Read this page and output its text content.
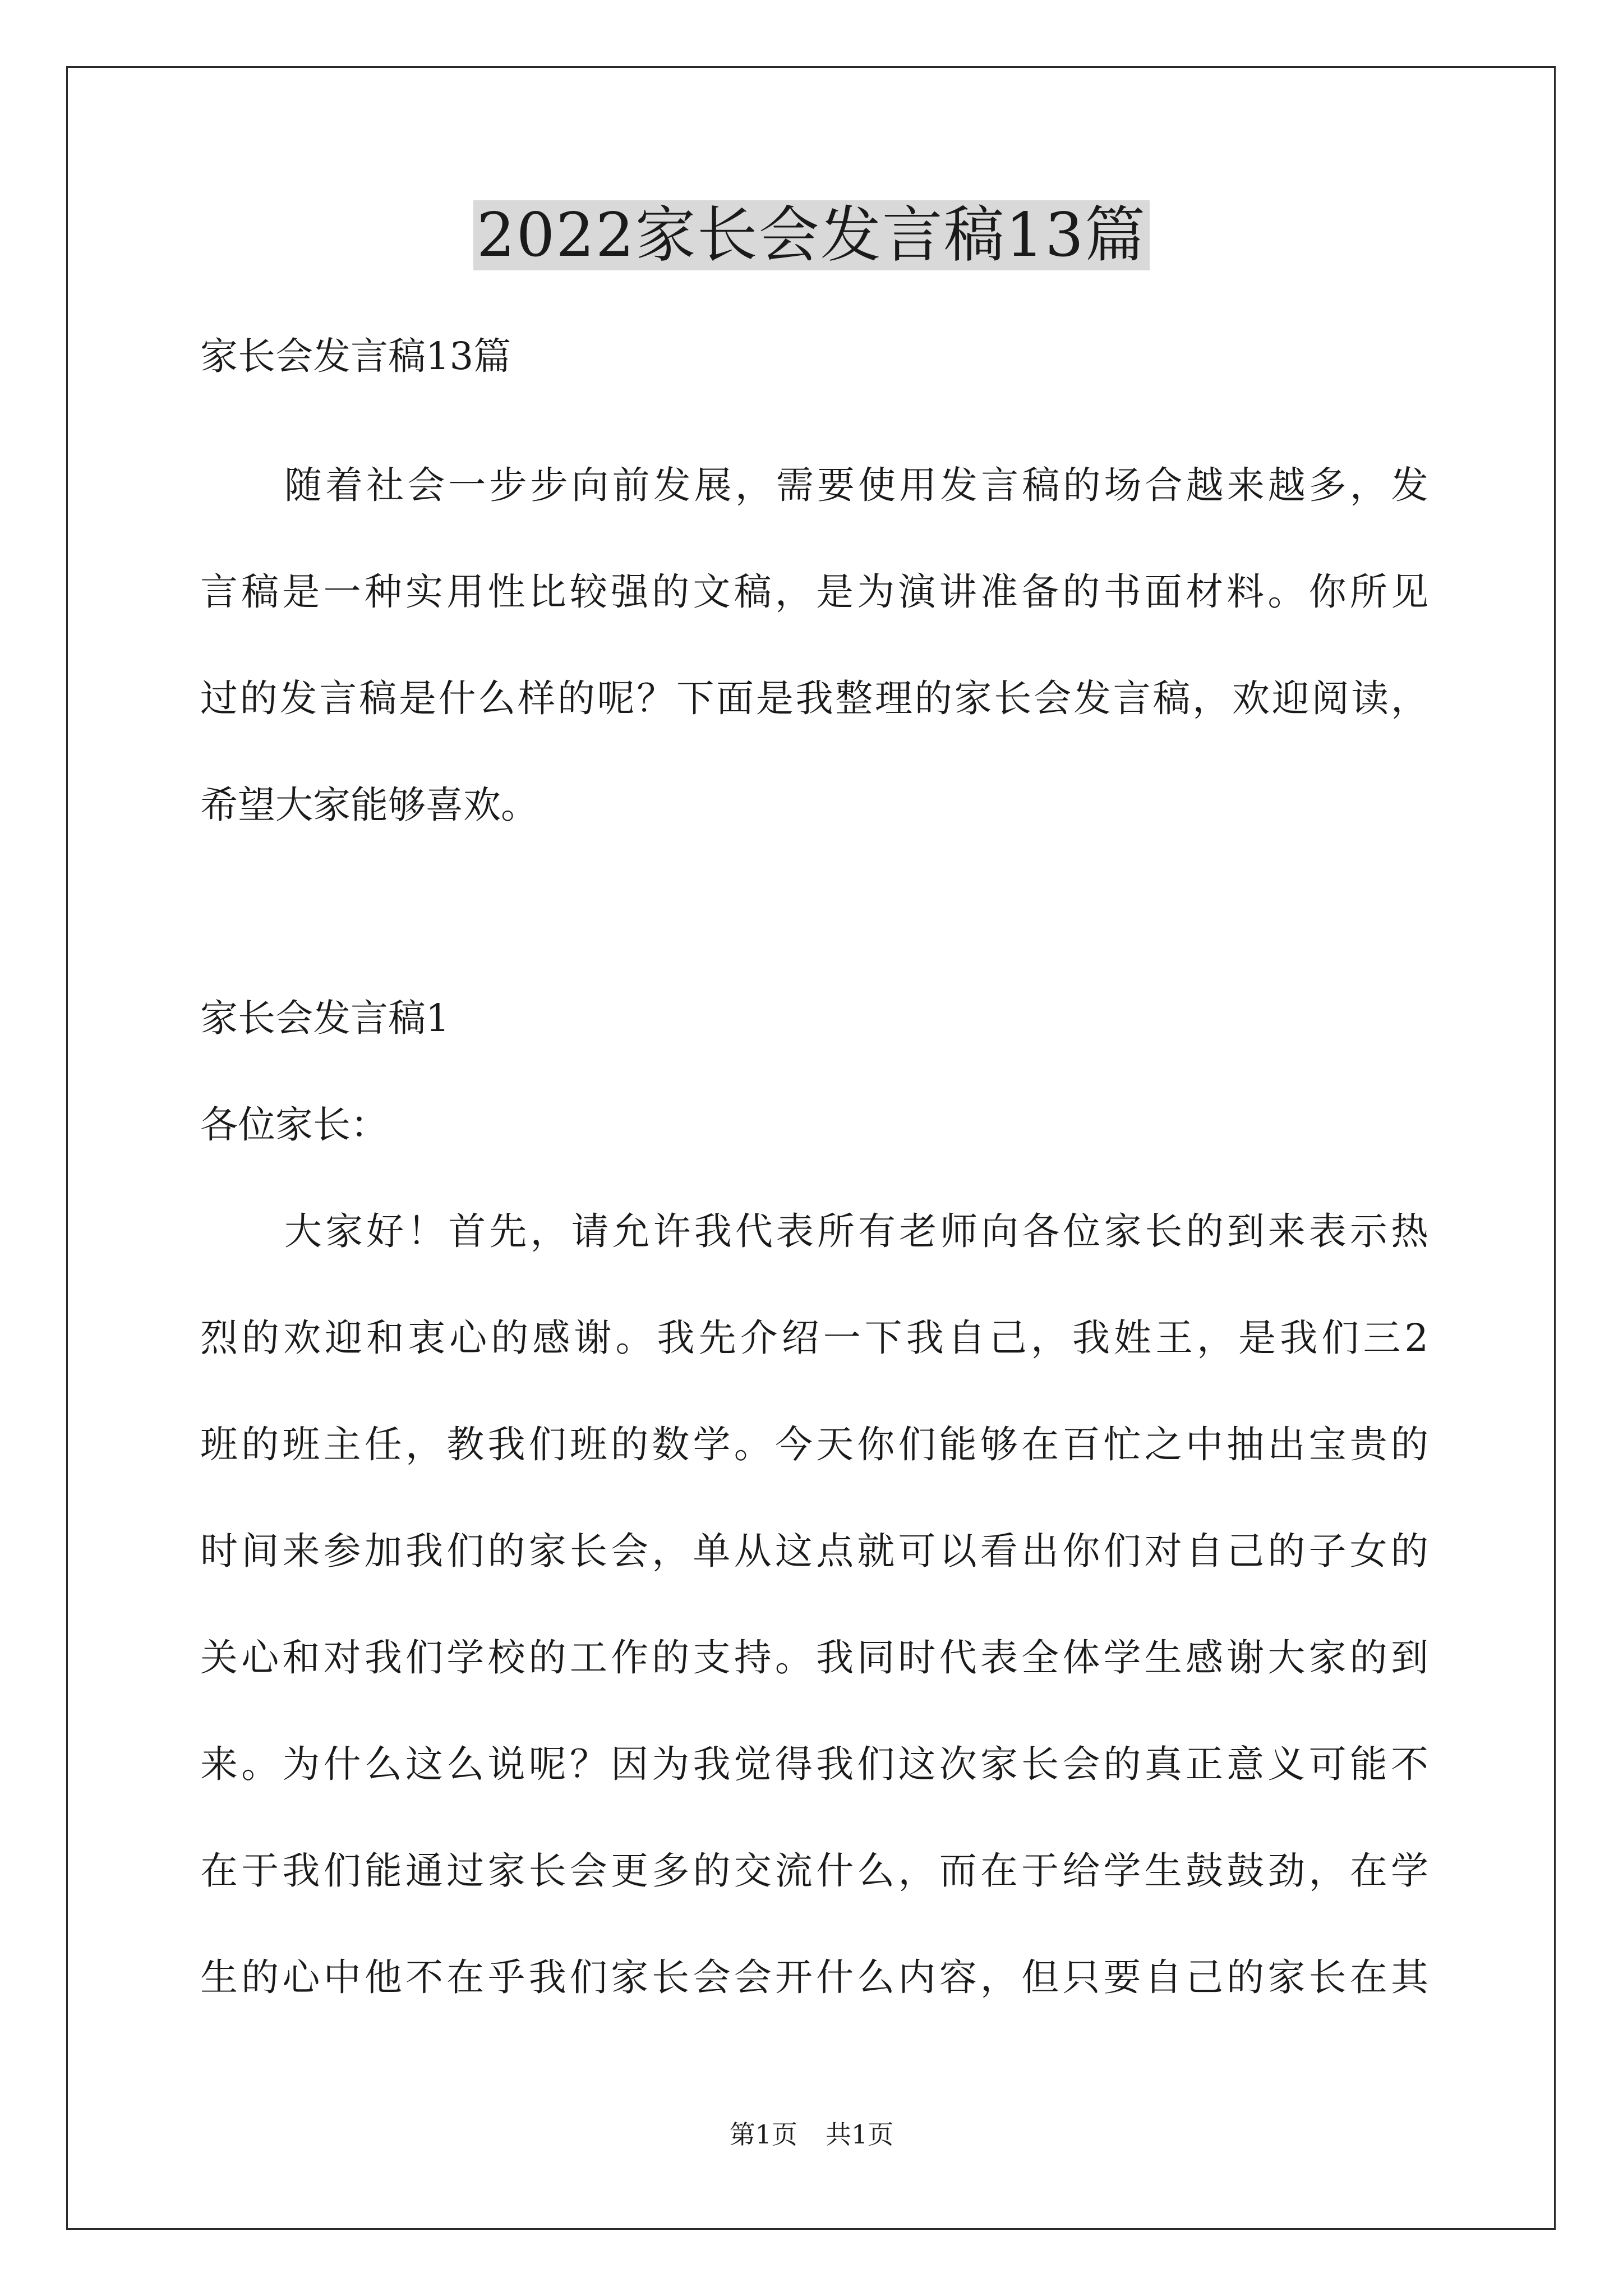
2022家长会发言稿13篇

家长会发言稿13篇

随着社会一步步向前发展，需要使用发言稿的场合越来越多，发

言稿是一种实用性比较强的文稿，是为演讲准备的书面材料。你所见

过的发言稿是什么样的呢？下面是我整理的家长会发言稿，欢迎阅读，

希望大家能够喜欢。

家长会发言稿1

各位家长：

大家好！首先，请允许我代表所有老师向各位家长的到来表示热

烈的欢迎和衷心的感谢。我先介绍一下我自己，我姓王，是我们三2

班的班主任，教我们班的数学。今天你们能够在百忙之中抽出宝贵的

时间来参加我们的家长会，单从这点就可以看出你们对自己的子女的

关心和对我们学校的工作的支持。我同时代表全体学生感谢大家的到

来。为什么这么说呢？因为我觉得我们这次家长会的真正意义可能不

在于我们能通过家长会更多的交流什么，而在于给学生鼓鼓劲，在学

生的心中他不在乎我们家长会会开什么内容，但只要自己的家长在其

第1页 共1页
